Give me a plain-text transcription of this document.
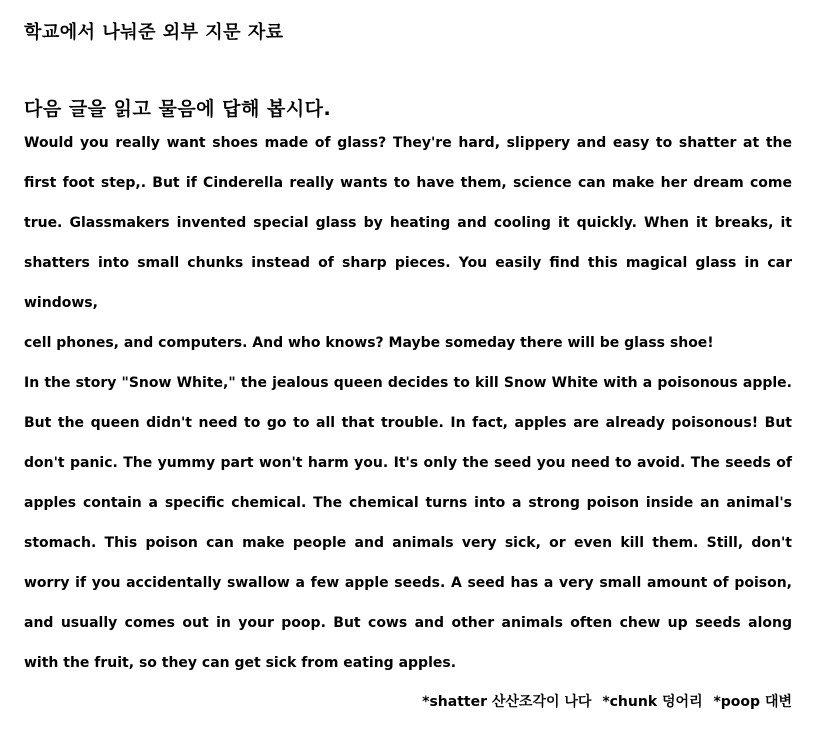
학교에서 나눠준 외부 지문 자료
다음 글을 읽고 물음에 답해 봅시다.
Would you really want shoes made of glass? They're hard, slippery and easy to shatter at the
first foot step,. But if Cinderella really wants to have them, science can make her dream come
true. Glassmakers invented special glass by heating and cooling it quickly. When it breaks, it
shatters into small chunks instead of sharp pieces. You easily find this magical glass in car
windows,
cell phones, and computers. And who knows? Maybe someday there will be glass shoe!
In the story "Snow White," the jealous queen decides to kill Snow White with a poisonous apple.
But the queen didn't need to go to all that trouble. In fact, apples are already poisonous! But
don't panic. The yummy part won't harm you. It's only the seed you need to avoid. The seeds of
apples contain a specific chemical. The chemical turns into a strong poison inside an animal's
stomach. This poison can make people and animals very sick, or even kill them. Still, don't
worry if you accidentally swallow a few apple seeds. A seed has a very small amount of poison,
and usually comes out in your poop. But cows and other animals often chew up seeds along
with the fruit, so they can get sick from eating apples.
*shatter 산산조각이 나다 *chunk 덩어리 *poop 대변
